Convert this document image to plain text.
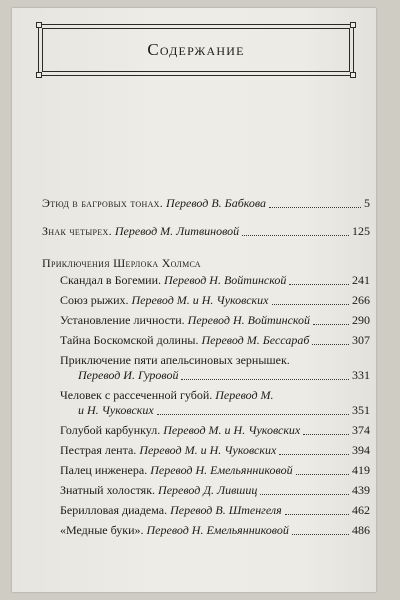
Содержание
Этюд в багровых тонах. Перевод В. Бабкова	5
Знак четырех. Перевод М. Литвиновой	125
Приключения Шерлока Холмса
Скандал в Богемии. Перевод Н. Войтинской	241
Союз рыжих. Перевод М. и Н. Чуковских	266
Установление личности. Перевод Н. Войтинской	290
Тайна Боскомской долины. Перевод М. Бессараб	307
Приключение пяти апельсиновых зернышек.
Перевод И. Гуровой	331
Человек с рассеченной губой. Перевод М.
и Н. Чуковских	351
Голубой карбункул. Перевод М. и Н. Чуковских	374
Пестрая лента. Перевод М. и Н. Чуковских	394
Палец инженера. Перевод Н. Емельянниковой	419
Знатный холостяк. Перевод Д. Лившиц	439
Бериллoвая диадема. Перевод В. Штенгеля	462
«Медные буки». Перевод Н. Емельянниковой	486
